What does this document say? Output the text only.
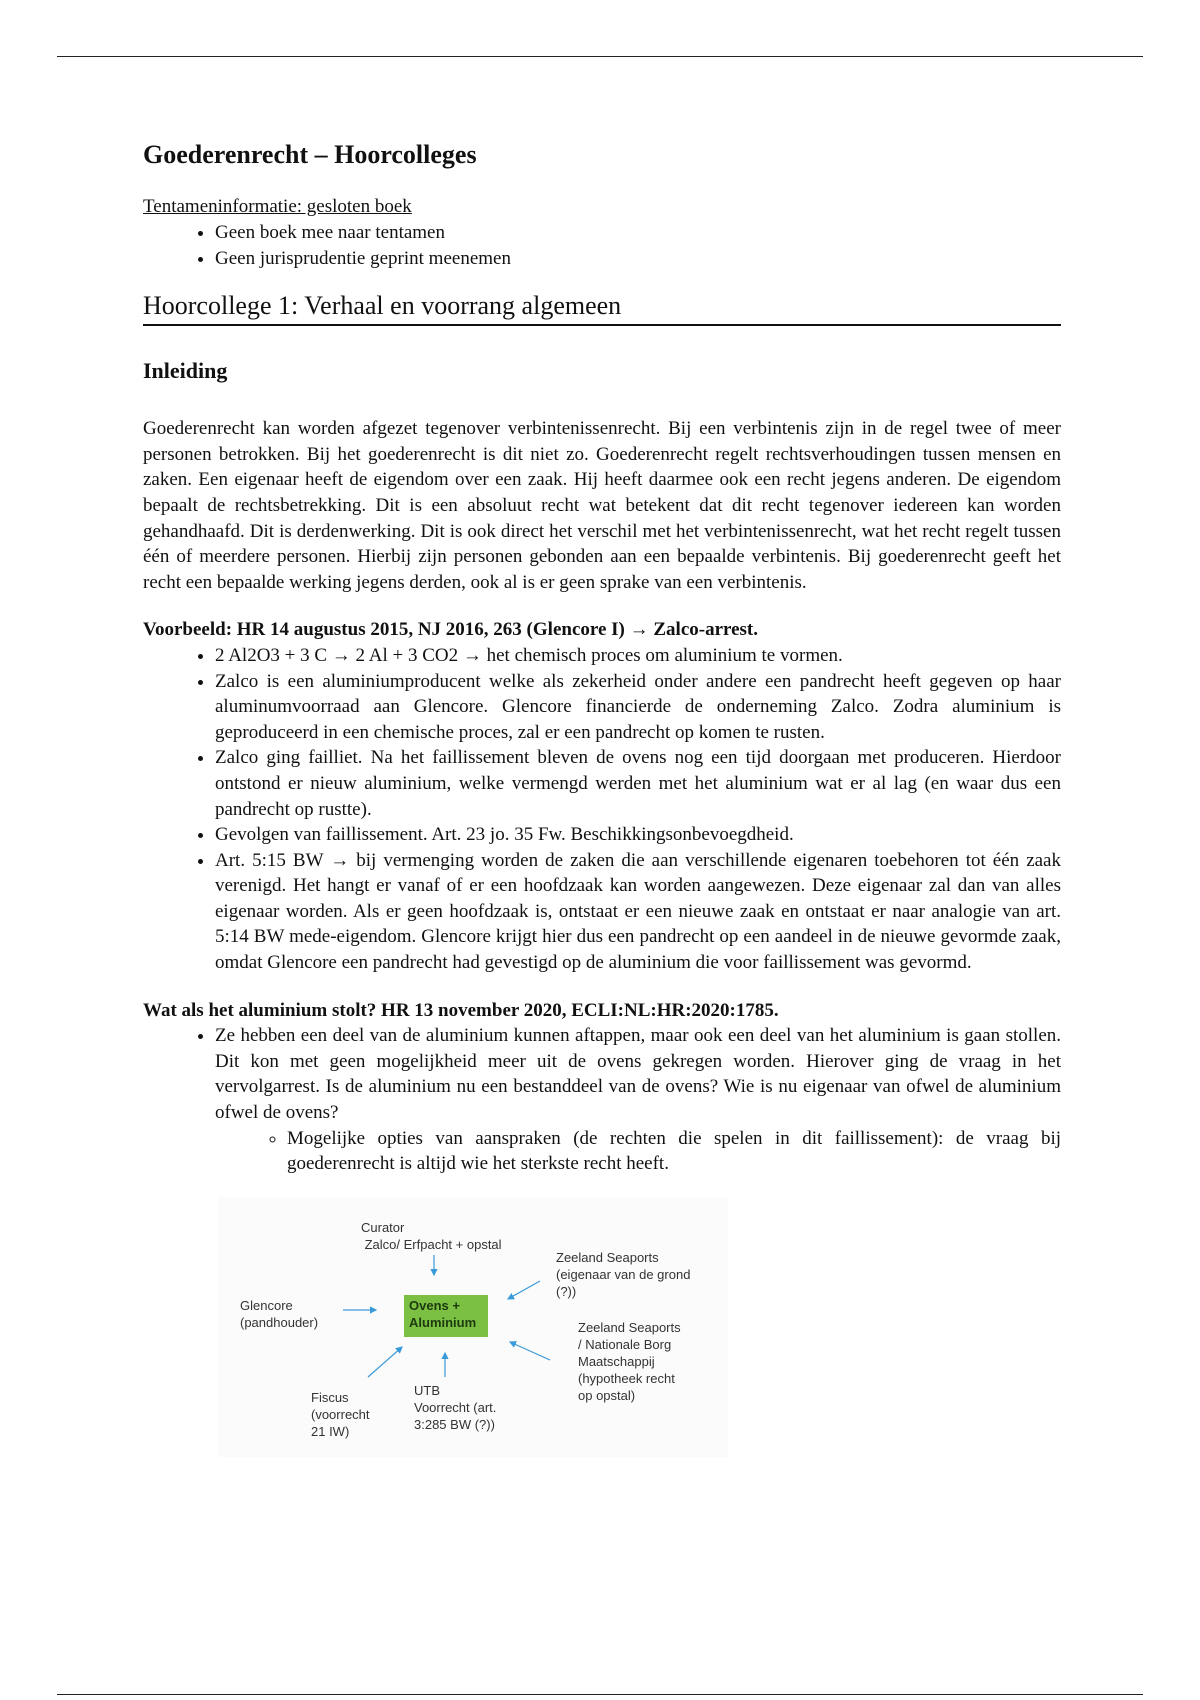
Goederenrecht – Hoorcolleges
Tentameninformatie: gesloten boek
• Geen boek mee naar tentamen
• Geen jurisprudentie geprint meenemen
Hoorcollege 1: Verhaal en voorrang algemeen
Inleiding

Goederenrecht kan worden afgezet tegenover verbintenissenrecht. Bij een verbintenis zijn in de regel twee of meer personen betrokken. Bij het goederenrecht is dit niet zo. Goederenrecht regelt rechtsverhoudingen tussen mensen en zaken. Een eigenaar heeft de eigendom over een zaak. Hij heeft daarmee ook een recht jegens anderen. De eigendom bepaalt de rechtsbetrekking. Dit is een absoluut recht wat betekent dat dit recht tegenover iedereen kan worden gehandhaafd. Dit is derdenwerking. Dit is ook direct het verschil met het verbintenissenrecht, wat het recht regelt tussen één of meerdere personen. Hierbij zijn personen gebonden aan een bepaalde verbintenis. Bij goederenrecht geeft het recht een bepaalde werking jegens derden, ook al is er geen sprake van een verbintenis.

Voorbeeld: HR 14 augustus 2015, NJ 2016, 263 (Glencore I) → Zalco-arrest.
• 2 Al2O3 + 3 C → 2 Al + 3 CO2 → het chemisch proces om aluminium te vormen.
• Zalco is een aluminiumproducent welke als zekerheid onder andere een pandrecht heeft gegeven op haar aluminumvoorraad aan Glencore. Glencore financierde de onderneming Zalco. Zodra aluminium is geproduceerd in een chemische proces, zal er een pandrecht op komen te rusten.
• Zalco ging failliet. Na het faillissement bleven de ovens nog een tijd doorgaan met produceren. Hierdoor ontstond er nieuw aluminium, welke vermengd werden met het aluminium wat er al lag (en waar dus een pandrecht op rustte).
• Gevolgen van faillissement. Art. 23 jo. 35 Fw. Beschikkingsonbevoegdheid.
• Art. 5:15 BW → bij vermenging worden de zaken die aan verschillende eigenaren toebehoren tot één zaak verenigd. Het hangt er vanaf of er een hoofdzaak kan worden aangewezen. Deze eigenaar zal dan van alles eigenaar worden. Als er geen hoofdzaak is, ontstaat er een nieuwe zaak en ontstaat er naar analogie van art. 5:14 BW mede-eigendom. Glencore krijgt hier dus een pandrecht op een aandeel in de nieuwe gevormde zaak, omdat Glencore een pandrecht had gevestigd op de aluminium die voor faillissement was gevormd.
Wat als het aluminium stolt? HR 13 november 2020, ECLI:NL:HR:2020:1785.
• Ze hebben een deel van de aluminium kunnen aftappen, maar ook een deel van het aluminium is gaan stollen. Dit kon met geen mogelijkheid meer uit de ovens gekregen worden. Hierover ging de vraag in het vervolgarrest. Is de aluminium nu een bestanddeel van de ovens? Wie is nu eigenaar van ofwel de aluminium ofwel de ovens?
◦ Mogelijke opties van aanspraken (de rechten die spelen in dit faillissement): de vraag bij goederenrecht is altijd wie het sterkste recht heeft.
Ovens +
Aluminium
Curator
Zalco/ Erfpacht + opstal
Glencore
(pandhouder)
Zeeland Seaports
(eigenaar van de grond
(?))
Zeeland Seaports
/ Nationale Borg
Maatschappij
(hypotheek recht
op opstal)
Fiscus
(voorrecht
21 IW)
UTB
Voorrecht (art.
3:285 BW (?))
